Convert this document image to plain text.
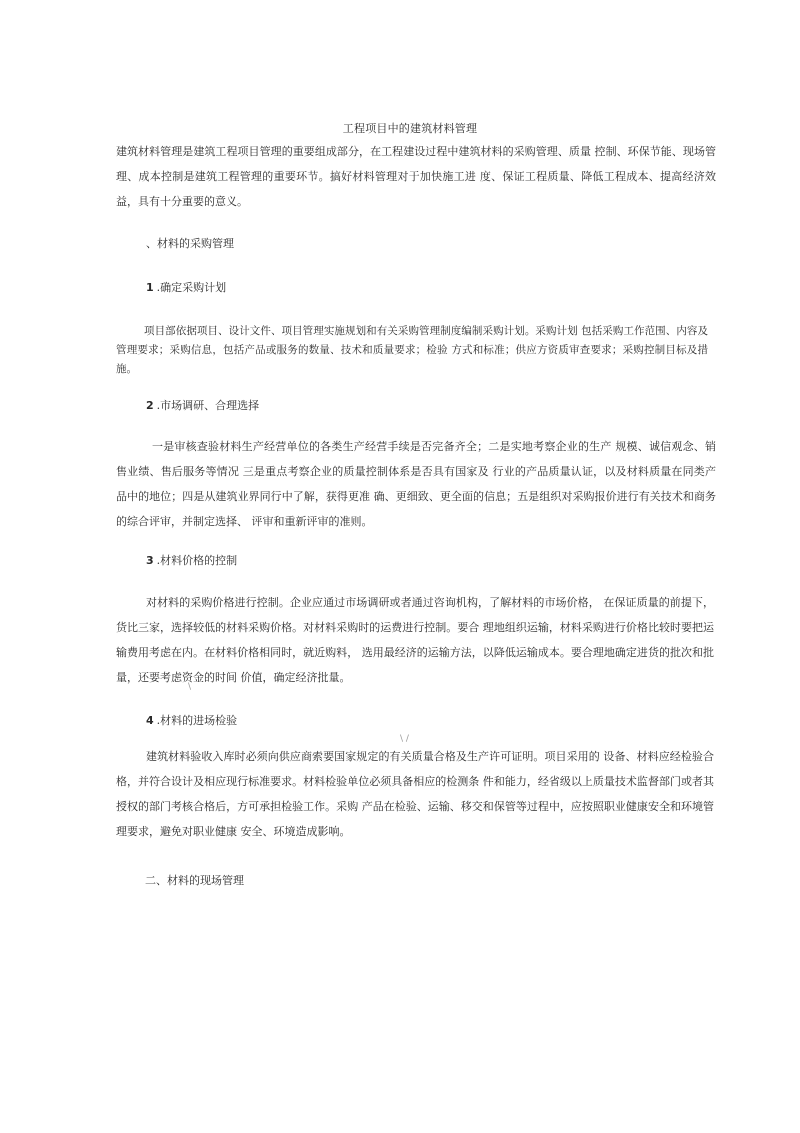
工程项目中的建筑材料管理

建筑材料管理是建筑工程项目管理的重要组成部分，在工程建设过程中建筑材料的采购管理、质量 控制、环保节能、现场管理、成本控制是建筑工程管理的重要环节。搞好材料管理对于加快施工进 度、保证工程质量、降低工程成本、提高经济效益，具有十分重要的意义。

、材料的采购管理
1 .确定采购计划

项目部依据项目、设计文件、项目管理实施规划和有关采购管理制度编制采购计划。采购计划 包括采购工作范围、内容及管理要求；采购信息，包括产品或服务的数量、技术和质量要求；检验 方式和标准；供应方资质审查要求；采购控制目标及措施。

2 .市场调研、合理选择

一是审核查验材料生产经营单位的各类生产经营手续是否完备齐全；二是实地考察企业的生产 规模、诚信观念、销售业绩、售后服务等情况 三是重点考察企业的质量控制体系是否具有国家及 行业的产品质量认证，以及材料质量在同类产品中的地位；四是从建筑业界同行中了解，获得更准 确、更细致、更全面的信息；五是组织对采购报价进行有关技术和商务的综合评审，并制定选择、 评审和重新评审的准则。

3 .材料价格的控制

对材料的采购价格进行控制。企业应通过市场调研或者通过咨询机构，了解材料的市场价格， 在保证质量的前提下，货比三家，选择较低的材料采购价格。对材料采购时的运费进行控制。要合 理地组织运输，材料采购进行价格比较时要把运输费用考虑在内。在材料价格相同时，就近购料， 选用最经济的运输方法，以降低运输成本。要合理地确定进货的批次和批量，还要考虑资金的时间 价值，确定经济批量。

\
4 .材料的进场检验
\ /

建筑材料验收入库时必须向供应商索要国家规定的有关质量合格及生产许可证明。项目采用的 设备、材料应经检验合格，并符合设计及相应现行标准要求。材料检验单位必须具备相应的检测条 件和能力，经省级以上质量技术监督部门或者其授权的部门考核合格后，方可承担检验工作。采购 产品在检验、运输、移交和保管等过程中，应按照职业健康安全和环境管理要求，避免对职业健康 安全、环境造成影响。

二、材料的现场管理
